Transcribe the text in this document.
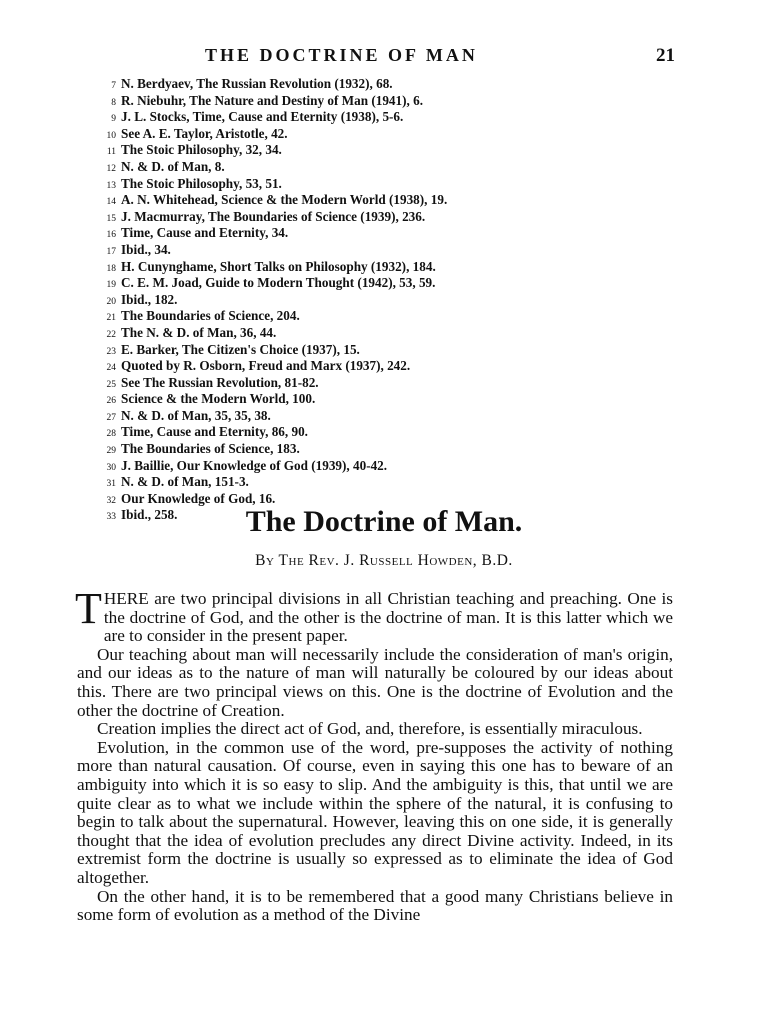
THE DOCTRINE OF MAN	21
7 N. Berdyaev, The Russian Revolution (1932), 68.
8 R. Niebuhr, The Nature and Destiny of Man (1941), 6.
9 J. L. Stocks, Time, Cause and Eternity (1938), 5-6.
10 See A. E. Taylor, Aristotle, 42.
11 The Stoic Philosophy, 32, 34.
12 N. & D. of Man, 8.
13 The Stoic Philosophy, 53, 51.
14 A. N. Whitehead, Science & the Modern World (1938), 19.
15 J. Macmurray, The Boundaries of Science (1939), 236.
16 Time, Cause and Eternity, 34.
17 Ibid., 34.
18 H. Cunynghame, Short Talks on Philosophy (1932), 184.
19 C. E. M. Joad, Guide to Modern Thought (1942), 53, 59.
20 Ibid., 182.
21 The Boundaries of Science, 204.
22 The N. & D. of Man, 36, 44.
23 E. Barker, The Citizen's Choice (1937), 15.
24 Quoted by R. Osborn, Freud and Marx (1937), 242.
25 See The Russian Revolution, 81-82.
26 Science & the Modern World, 100.
27 N. & D. of Man, 35, 35, 38.
28 Time, Cause and Eternity, 86, 90.
29 The Boundaries of Science, 183.
30 J. Baillie, Our Knowledge of God (1939), 40-42.
31 N. & D. of Man, 151-3.
32 Our Knowledge of God, 16.
33 Ibid., 258.	The Doctrine of Man.
By The Rev. J. Russell Howden, B.D.

THERE are two principal divisions in all Christian teaching and preaching. One is the doctrine of God, and the other is the doctrine of man. It is this latter which we are to consider in the present paper.

Our teaching about man will necessarily include the consideration of man's origin, and our ideas as to the nature of man will naturally be coloured by our ideas about this. There are two principal views on this. One is the doctrine of Evolution and the other the doctrine of Creation.

Creation implies the direct act of God, and, therefore, is essentially miraculous.

Evolution, in the common use of the word, pre-supposes the activity of nothing more than natural causation. Of course, even in saying this one has to beware of an ambiguity into which it is so easy to slip. And the ambiguity is this, that until we are quite clear as to what we include within the sphere of the natural, it is confusing to begin to talk about the supernatural. However, leaving this on one side, it is generally thought that the idea of evolution precludes any direct Divine activity. Indeed, in its extremist form the doctrine is usually so expressed as to eliminate the idea of God altogether.

On the other hand, it is to be remembered that a good many Christians believe in some form of evolution as a method of the Divine
